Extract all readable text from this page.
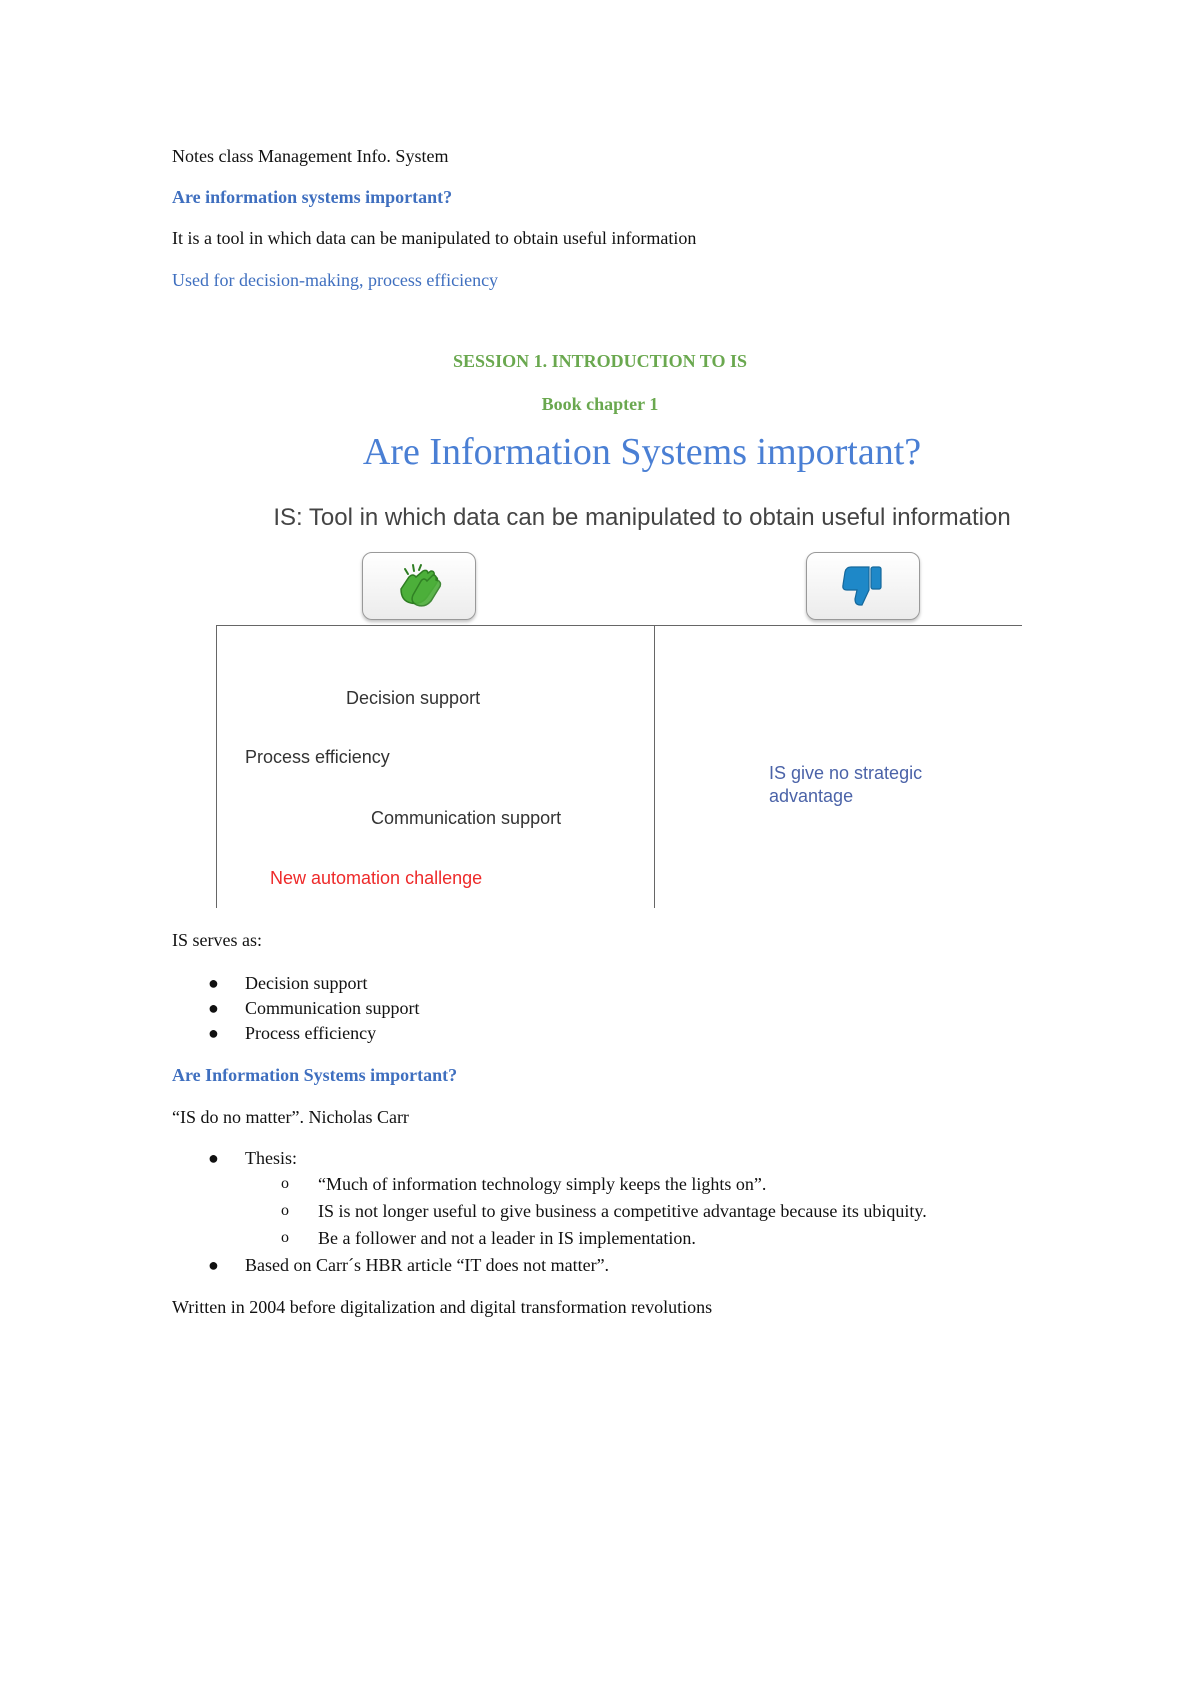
Notes class Management Info. System
Are information systems important?
It is a tool in which data can be manipulated to obtain useful information
Used for decision-making, process efficiency
SESSION 1. INTRODUCTION TO IS
Book chapter 1
Are Information Systems important?
IS: Tool in which data can be manipulated to obtain useful information
Decision support
Process efficiency
Communication support
New automation challenge
IS give no strategic
advantage
IS serves as:
● Decision support
● Communication support
● Process efficiency
Are Information Systems important?
“IS do no matter”. Nicholas Carr
● Thesis:
o “Much of information technology simply keeps the lights on”.
o IS is not longer useful to give business a competitive advantage because its ubiquity.
o Be a follower and not a leader in IS implementation.
● Based on Carr´s HBR article “IT does not matter”.
Written in 2004 before digitalization and digital transformation revolutions
